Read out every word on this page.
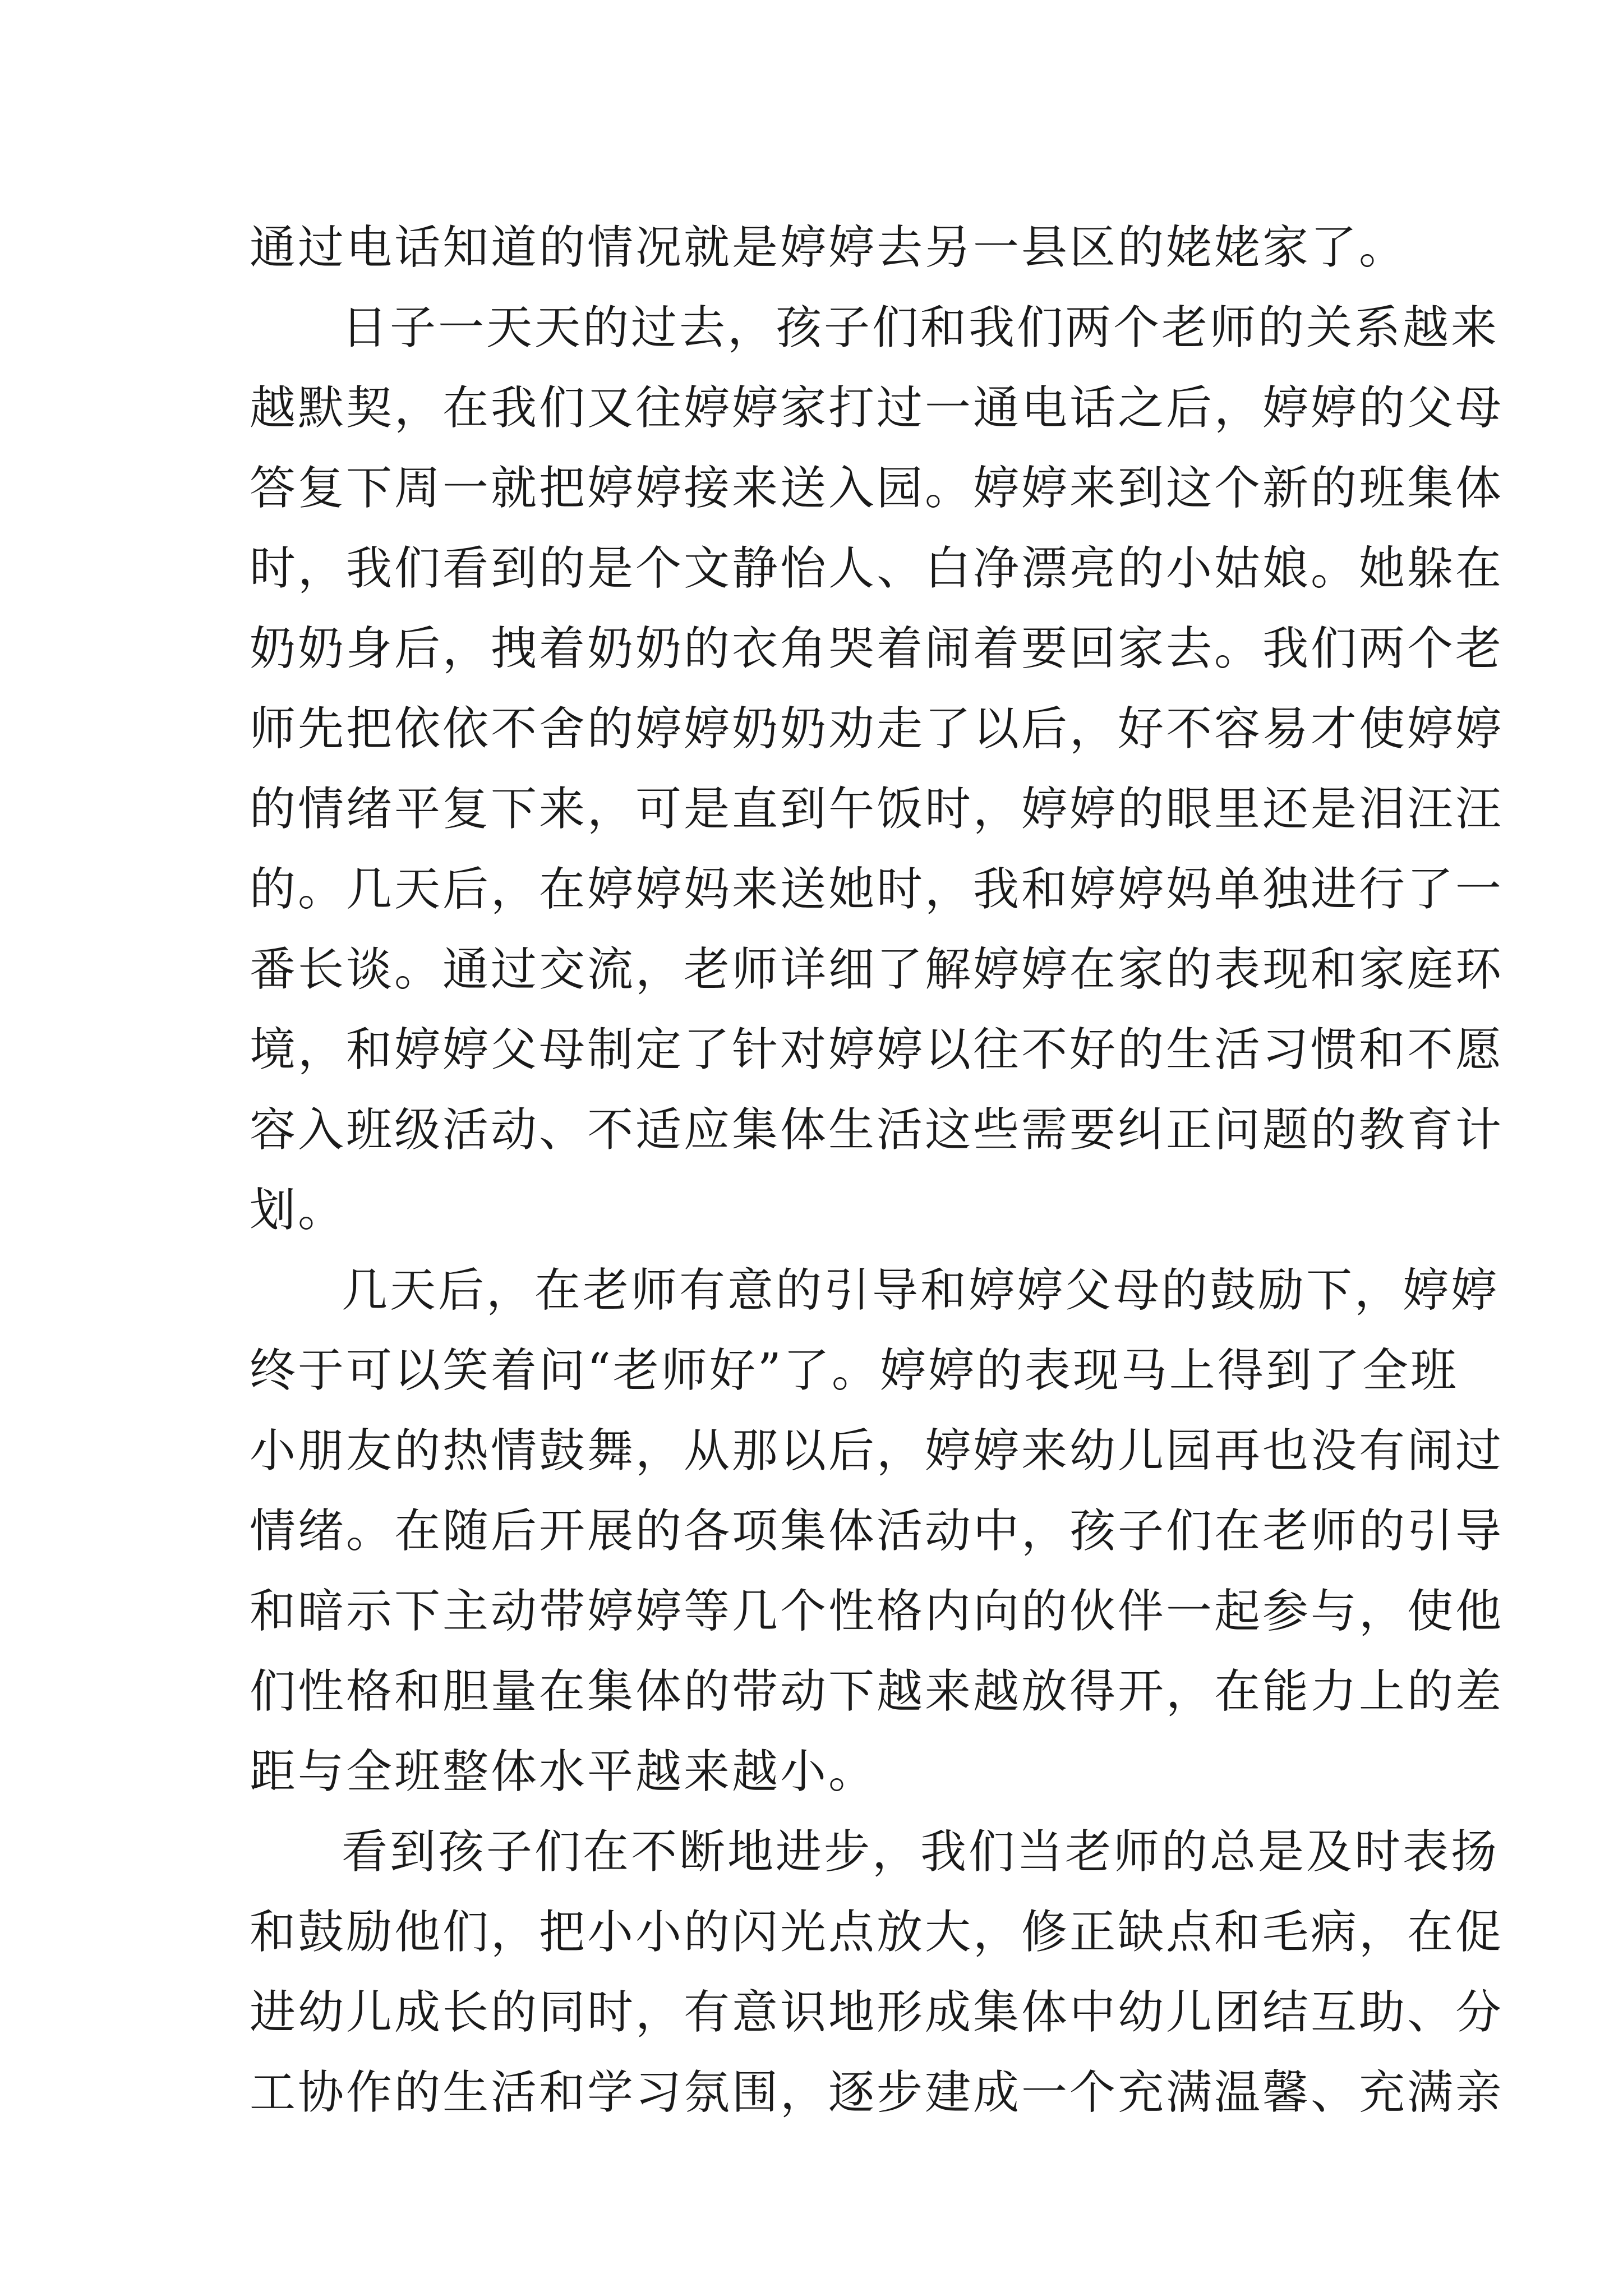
通过电话知道的情况就是婷婷去另一县区的姥姥家了。
日子一天天的过去，孩子们和我们两个老师的关系越来
越默契，在我们又往婷婷家打过一通电话之后，婷婷的父母
答复下周一就把婷婷接来送入园。婷婷来到这个新的班集体
时，我们看到的是个文静怡人、白净漂亮的小姑娘。她躲在
奶奶身后，拽着奶奶的衣角哭着闹着要回家去。我们两个老
师先把依依不舍的婷婷奶奶劝走了以后，好不容易才使婷婷
的情绪平复下来，可是直到午饭时，婷婷的眼里还是泪汪汪
的。几天后，在婷婷妈来送她时，我和婷婷妈单独进行了一
番长谈。通过交流，老师详细了解婷婷在家的表现和家庭环
境，和婷婷父母制定了针对婷婷以往不好的生活习惯和不愿
容入班级活动、不适应集体生活这些需要纠正问题的教育计
划。
几天后，在老师有意的引导和婷婷父母的鼓励下，婷婷
终于可以笑着问“老师好”了。婷婷的表现马上得到了全班
小朋友的热情鼓舞，从那以后，婷婷来幼儿园再也没有闹过
情绪。在随后开展的各项集体活动中，孩子们在老师的引导
和暗示下主动带婷婷等几个性格内向的伙伴一起参与，使他
们性格和胆量在集体的带动下越来越放得开，在能力上的差
距与全班整体水平越来越小。
看到孩子们在不断地进步，我们当老师的总是及时表扬
和鼓励他们，把小小的闪光点放大，修正缺点和毛病，在促
进幼儿成长的同时，有意识地形成集体中幼儿团结互助、分
工协作的生活和学习氛围，逐步建成一个充满温馨、充满亲
